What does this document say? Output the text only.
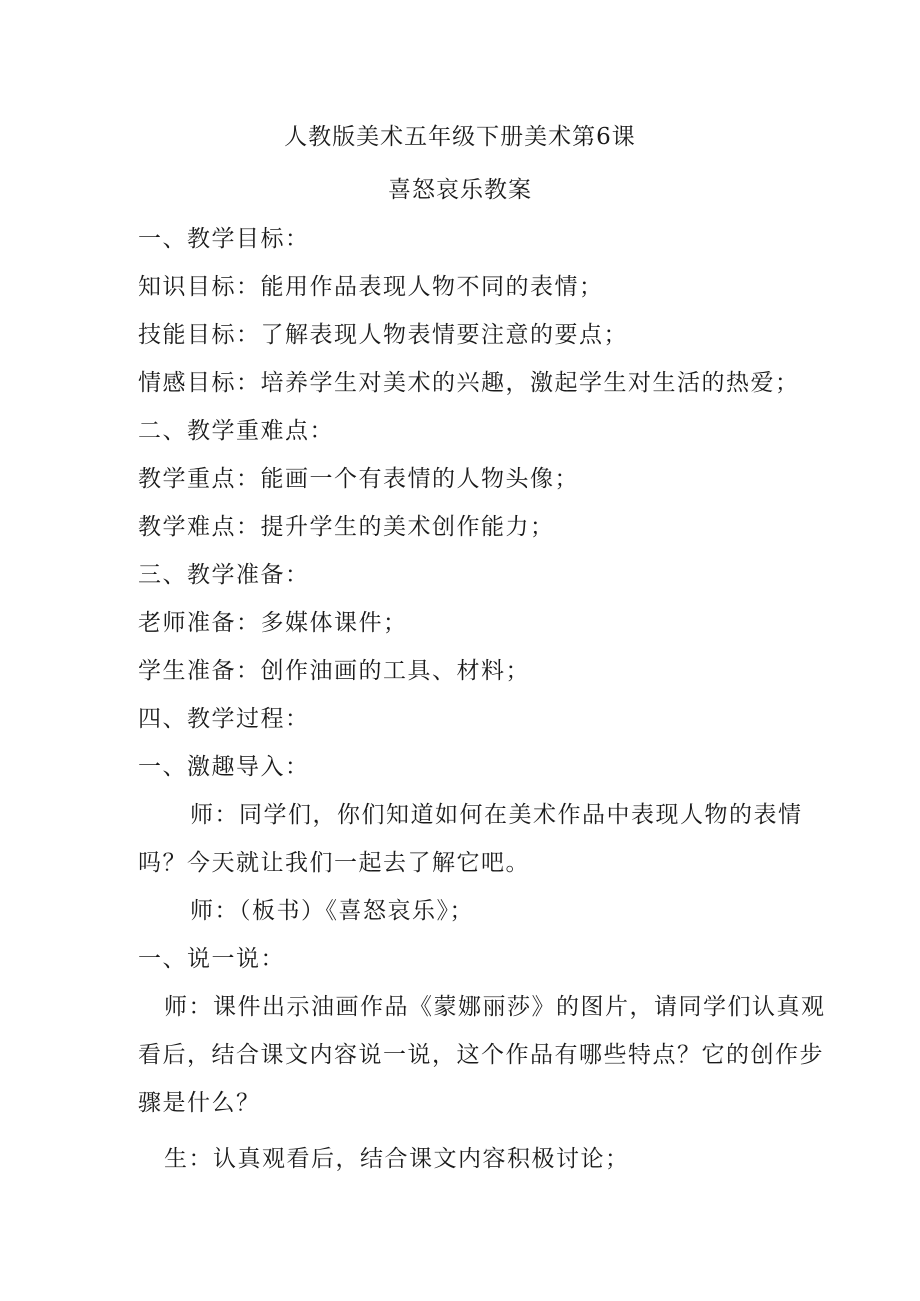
人教版美术五年级下册美术第6课
喜怒哀乐教案
一、教学目标：
知识目标：能用作品表现人物不同的表情；
技能目标：了解表现人物表情要注意的要点；
情感目标：培养学生对美术的兴趣，激起学生对生活的热爱；
二、教学重难点：
教学重点：能画一个有表情的人物头像；
教学难点：提升学生的美术创作能力；
三、教学准备：
老师准备：多媒体课件；
学生准备：创作油画的工具、材料；
四、教学过程：
一、激趣导入：
师：同学们，你们知道如何在美术作品中表现人物的表情
吗？今天就让我们一起去了解它吧。
师：（板书）《喜怒哀乐》；
一、说一说：
师：课件出示油画作品《蒙娜丽莎》的图片，请同学们认真观
看后，结合课文内容说一说，这个作品有哪些特点？它的创作步
骤是什么？
生：认真观看后，结合课文内容积极讨论；
